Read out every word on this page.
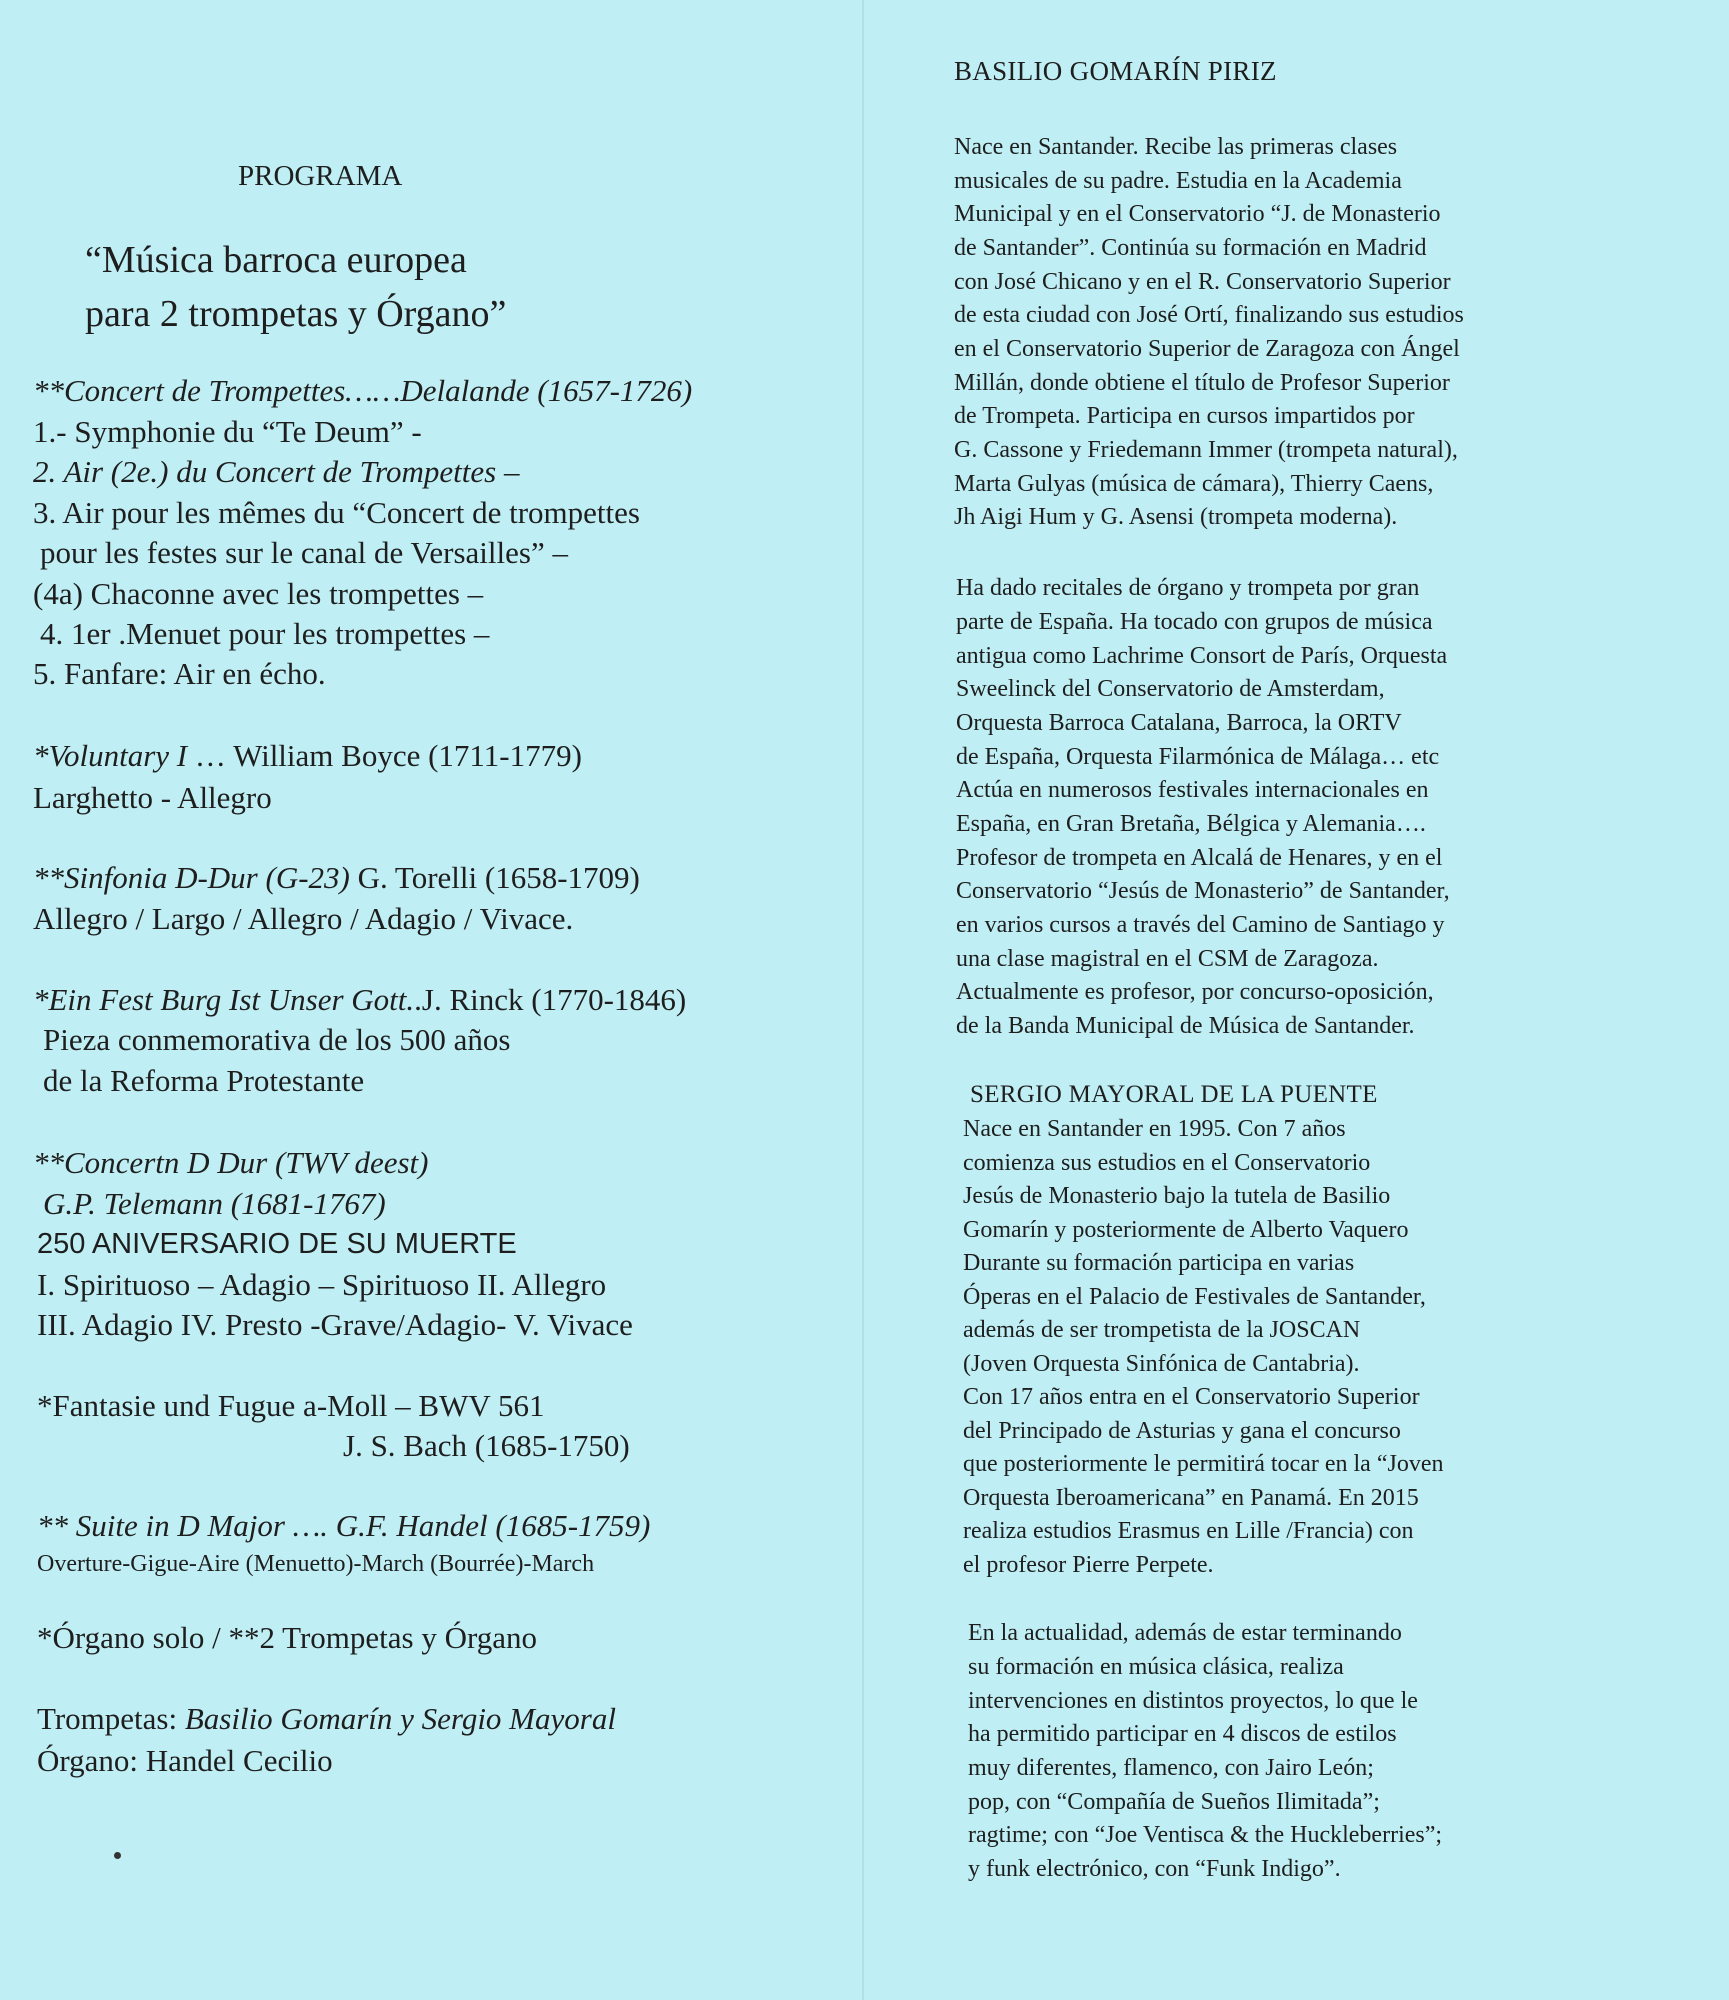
PROGRAMA
“Música barroca europea
para 2 trompetas y Órgano”
**Concert de Trompettes……Delalande (1657-1726)
1.- Symphonie du “Te Deum” -
2. Air (2e.) du Concert de Trompettes –
3. Air pour les mêmes du “Concert de trompettes
pour les festes sur le canal de Versailles” –
(4a) Chaconne avec les trompettes –
4. 1er .Menuet pour les trompettes –
5. Fanfare: Air en écho.
*Voluntary I … William Boyce (1711-1779)
Larghetto - Allegro
**Sinfonia D-Dur (G-23) G. Torelli (1658-1709)
Allegro / Largo / Allegro / Adagio / Vivace.
*Ein Fest Burg Ist Unser Gott..J. Rinck (1770-1846)
Pieza conmemorativa de los 500 años
de la Reforma Protestante
**Concertn D Dur (TWV deest)
G.P. Telemann (1681-1767)
250 ANIVERSARIO DE SU MUERTE
I. Spirituoso – Adagio – Spirituoso II. Allegro
III. Adagio IV. Presto -Grave/Adagio- V. Vivace
*Fantasie und Fugue a-Moll – BWV 561
J. S. Bach (1685-1750)
** Suite in D Major …. G.F. Handel (1685-1759)
Overture-Gigue-Aire (Menuetto)-March (Bourrée)-March
*Órgano solo / **2 Trompetas y Órgano
Trompetas: Basilio Gomarín y Sergio Mayoral
Órgano: Handel Cecilio
BASILIO GOMARÍN PIRIZ
Nace en Santander. Recibe las primeras clases
musicales de su padre. Estudia en la Academia
Municipal y en el Conservatorio “J. de Monasterio
de Santander”. Continúa su formación en Madrid
con José Chicano y en el R. Conservatorio Superior
de esta ciudad con José Ortí, finalizando sus estudios
en el Conservatorio Superior de Zaragoza con Ángel
Millán, donde obtiene el título de Profesor Superior
de Trompeta. Participa en cursos impartidos por
G. Cassone y Friedemann Immer (trompeta natural),
Marta Gulyas (música de cámara), Thierry Caens,
Jh Aigi Hum y G. Asensi (trompeta moderna).
Ha dado recitales de órgano y trompeta por gran
parte de España. Ha tocado con grupos de música
antigua como Lachrime Consort de París, Orquesta
Sweelinck del Conservatorio de Amsterdam,
Orquesta Barroca Catalana, Barroca, la ORTV
de España, Orquesta Filarmónica de Málaga… etc
Actúa en numerosos festivales internacionales en
España, en Gran Bretaña, Bélgica y Alemania….
Profesor de trompeta en Alcalá de Henares, y en el
Conservatorio “Jesús de Monasterio” de Santander,
en varios cursos a través del Camino de Santiago y
una clase magistral en el CSM de Zaragoza.
Actualmente es profesor, por concurso-oposición,
de la Banda Municipal de Música de Santander.
SERGIO MAYORAL DE LA PUENTE
Nace en Santander en 1995. Con 7 años
comienza sus estudios en el Conservatorio
Jesús de Monasterio bajo la tutela de Basilio
Gomarín y posteriormente de Alberto Vaquero
Durante su formación participa en varias
Óperas en el Palacio de Festivales de Santander,
además de ser trompetista de la JOSCAN
(Joven Orquesta Sinfónica de Cantabria).
Con 17 años entra en el Conservatorio Superior
del Principado de Asturias y gana el concurso
que posteriormente le permitirá tocar en la “Joven
Orquesta Iberoamericana” en Panamá. En 2015
realiza estudios Erasmus en Lille /Francia) con
el profesor Pierre Perpete.
En la actualidad, además de estar terminando
su formación en música clásica, realiza
intervenciones en distintos proyectos, lo que le
ha permitido participar en 4 discos de estilos
muy diferentes, flamenco, con Jairo León;
pop, con “Compañía de Sueños Ilimitada”;
ragtime; con “Joe Ventisca & the Huckleberries”;
y funk electrónico, con “Funk Indigo”.
